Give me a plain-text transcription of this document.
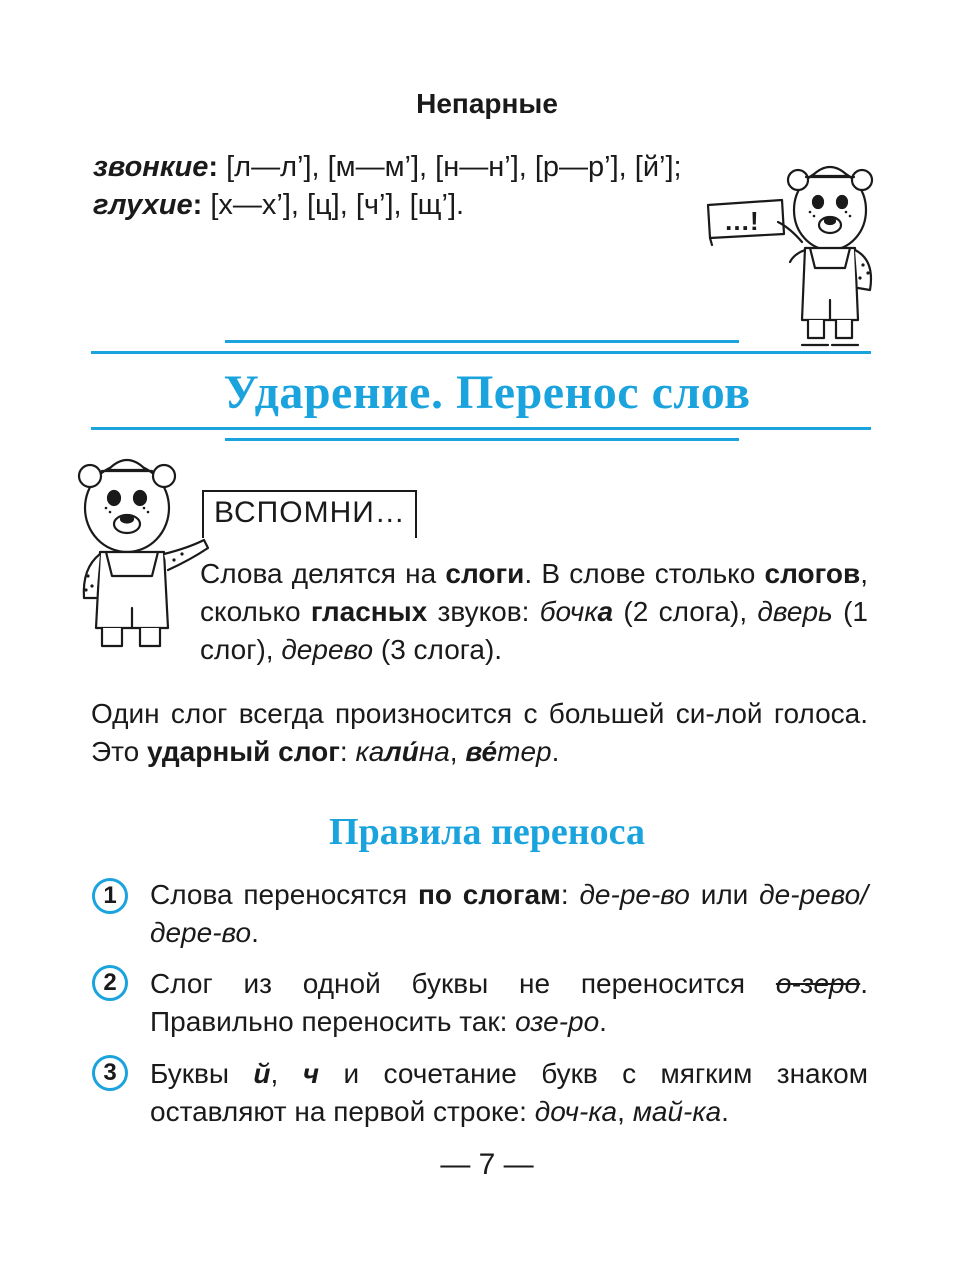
Непарные
звонкие: [л—л’], [м—м’], [н—н’], [р—р’], [й’];
глухие: [х—х’], [ц], [ч’], [щ’].	…!
Ударение. Перенос слов
ВСПОМНИ…
Слова делятся на слоги. В слове столько слогов, сколько гласных звуков: бочка (2 слога), дверь (1 слог), дерево (3 слога).
Один слог всегда произносится с большей си-лой голоса. Это ударный слог: кали́на, ве́тер.
Правила переноса
1	Слова переносятся по слогам: де-ре-во или де-рево/дере-во.
2	Слог из одной буквы не переносится о-зеро. Правильно переносить так: озе-ро.
3	Буквы й, ч и сочетание букв с мягким знаком оставляют на первой строке: доч-ка, май-ка.
— 7 —
